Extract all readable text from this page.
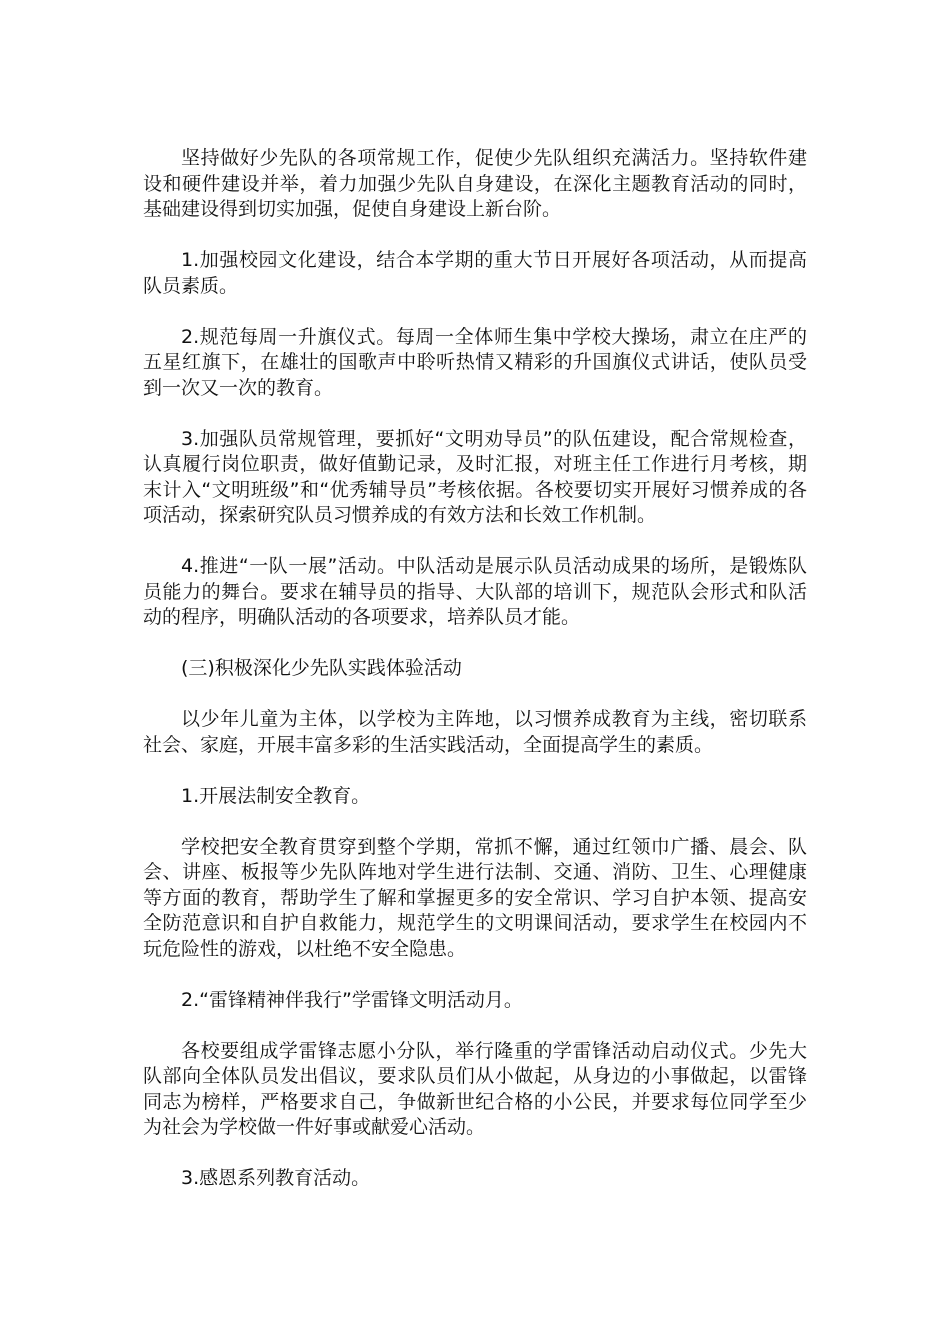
坚持做好少先队的各项常规工作，促使少先队组织充满活力。坚持软件建设和硬件建设并举，着力加强少先队自身建设，在深化主题教育活动的同时，基础建设得到切实加强，促使自身建设上新台阶。

1.加强校园文化建设，结合本学期的重大节日开展好各项活动，从而提高队员素质。

2.规范每周一升旗仪式。每周一全体师生集中学校大操场，肃立在庄严的五星红旗下，在雄壮的国歌声中聆听热情又精彩的升国旗仪式讲话，使队员受到一次又一次的教育。

3.加强队员常规管理，要抓好“文明劝导员”的队伍建设，配合常规检查，认真履行岗位职责，做好值勤记录，及时汇报，对班主任工作进行月考核，期末计入“文明班级”和“优秀辅导员”考核依据。各校要切实开展好习惯养成的各项活动，探索研究队员习惯养成的有效方法和长效工作机制。

4.推进“一队一展”活动。中队活动是展示队员活动成果的场所，是锻炼队员能力的舞台。要求在辅导员的指导、大队部的培训下，规范队会形式和队活动的程序，明确队活动的各项要求，培养队员才能。

(三)积极深化少先队实践体验活动

以少年儿童为主体，以学校为主阵地，以习惯养成教育为主线，密切联系社会、家庭，开展丰富多彩的生活实践活动，全面提高学生的素质。

1.开展法制安全教育。

学校把安全教育贯穿到整个学期，常抓不懈，通过红领巾广播、晨会、队会、讲座、板报等少先队阵地对学生进行法制、交通、消防、卫生、心理健康等方面的教育，帮助学生了解和掌握更多的安全常识、学习自护本领、提高安全防范意识和自护自救能力，规范学生的文明课间活动，要求学生在校园内不玩危险性的游戏，以杜绝不安全隐患。

2.“雷锋精神伴我行”学雷锋文明活动月。

各校要组成学雷锋志愿小分队，举行隆重的学雷锋活动启动仪式。少先大队部向全体队员发出倡议，要求队员们从小做起，从身边的小事做起，以雷锋同志为榜样，严格要求自己，争做新世纪合格的小公民，并要求每位同学至少为社会为学校做一件好事或献爱心活动。

3.感恩系列教育活动。
